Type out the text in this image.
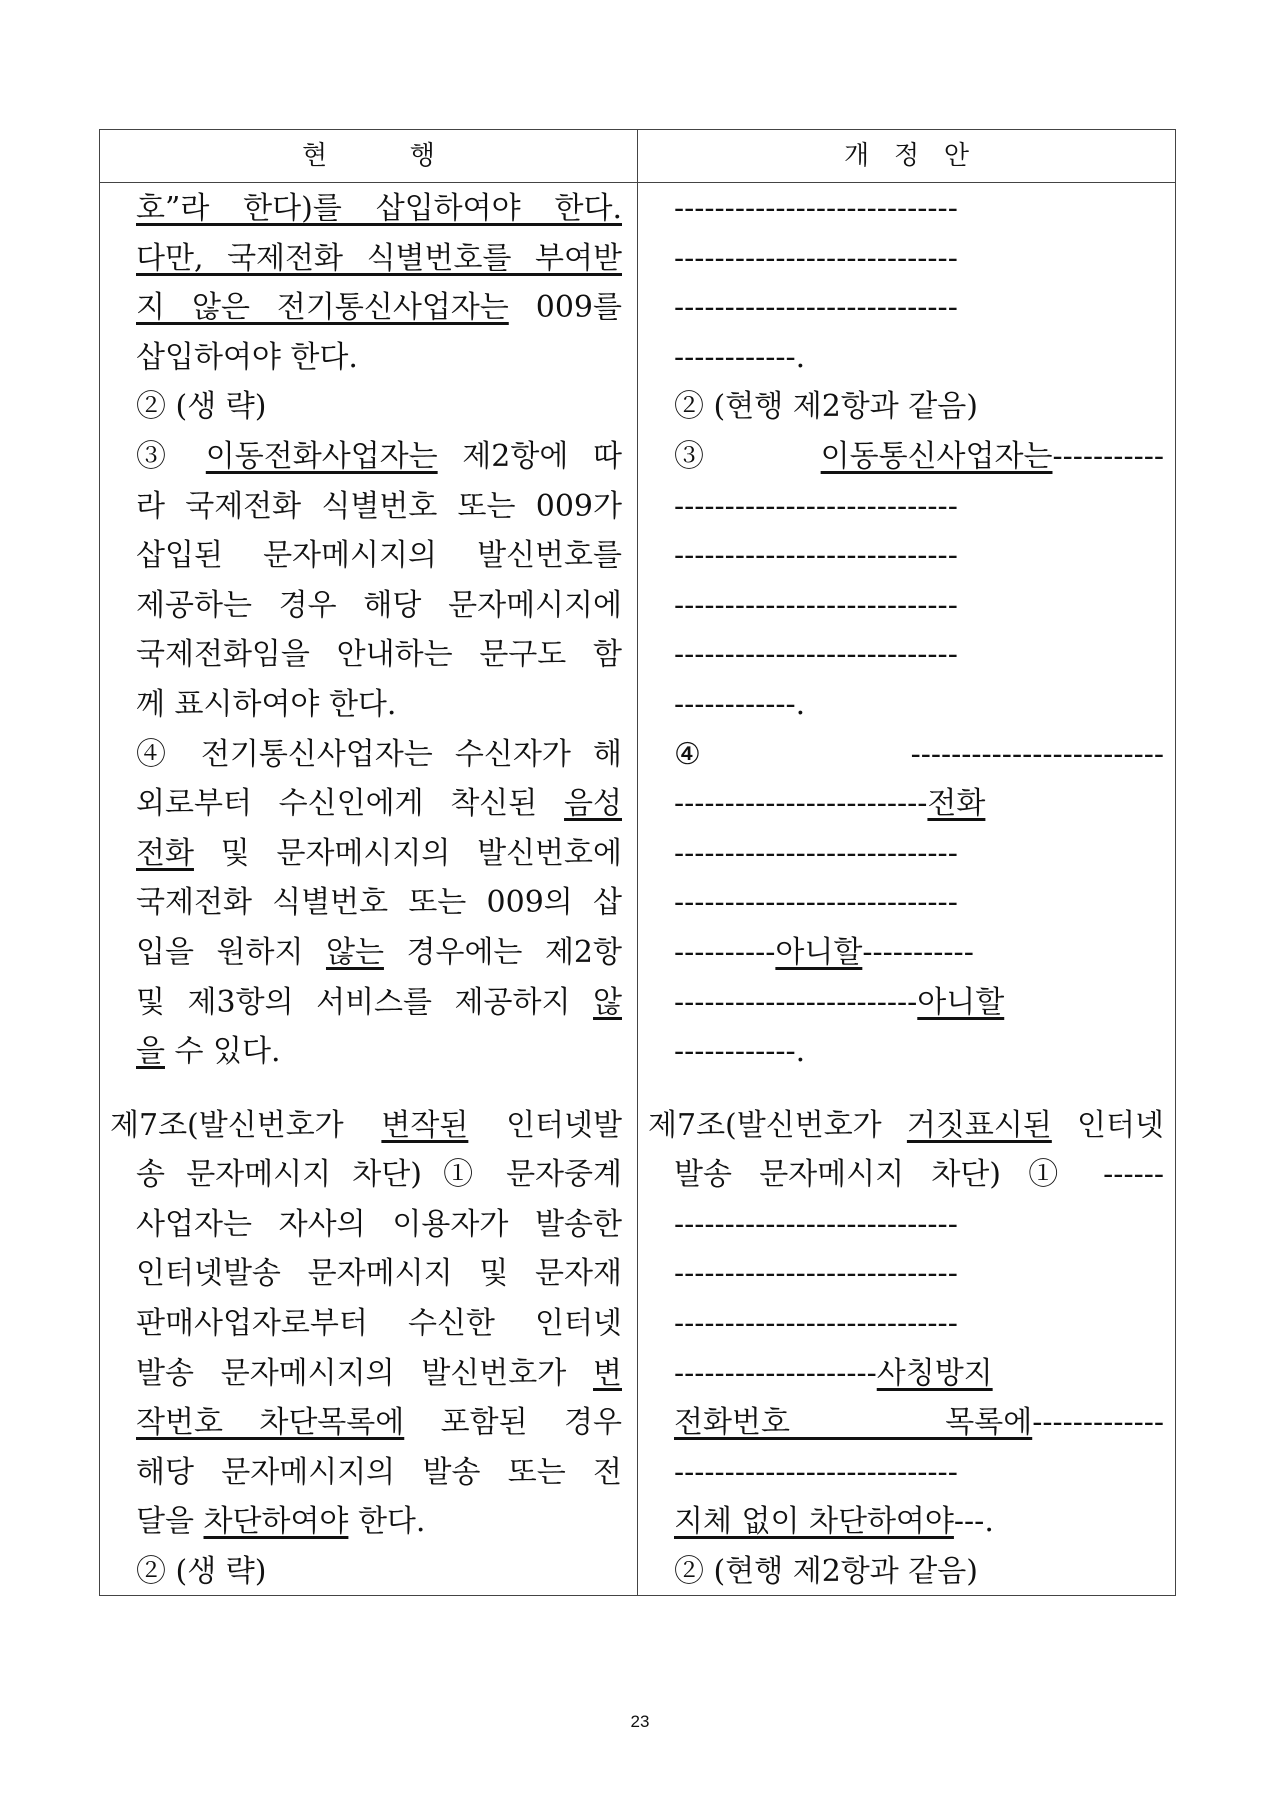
현          행	개   정   안
호”라 한다)를 삽입하여야 한다.
다만, 국제전화 식별번호를 부여받
지 않은 전기통신사업자는 009를
삽입하여야 한다.
② (생 략)
③ 이동전화사업자는 제2항에 따
라 국제전화 식별번호 또는 009가
삽입된 문자메시지의 발신번호를
제공하는 경우 해당 문자메시지에
국제전화임을 안내하는 문구도 함
께 표시하여야 한다.
④ 전기통신사업자는 수신자가 해
외로부터 수신인에게 착신된 음성
전화 및 문자메시지의 발신번호에
국제전화 식별번호 또는 009의 삽
입을 원하지 않는 경우에는 제2항
및 제3항의 서비스를 제공하지 않
을 수 있다.
제7조(발신번호가 변작된 인터넷발
송 문자메시지 차단) ① 문자중계
사업자는 자사의 이용자가 발송한
인터넷발송 문자메시지 및 문자재
판매사업자로부터 수신한 인터넷
발송 문자메시지의 발신번호가 변
작번호 차단목록에 포함된 경우
해당 문자메시지의 발송 또는 전
달을 차단하여야 한다.
② (생 략)
----------------------------
----------------------------
----------------------------
------------.
② (현행 제2항과 같음)
③ 이동통신사업자는-----------
----------------------------
----------------------------
----------------------------
----------------------------
------------.
④ -------------------------
-------------------------전화
----------------------------
----------------------------
----------아니할-----------
------------------------아니할
------------.
제7조(발신번호가 거짓표시된 인터넷
발송 문자메시지 차단) ① ------
----------------------------
----------------------------
----------------------------
--------------------사칭방지
전화번호 목록에-------------
----------------------------
지체 없이 차단하여야---.
② (현행 제2항과 같음)
23
